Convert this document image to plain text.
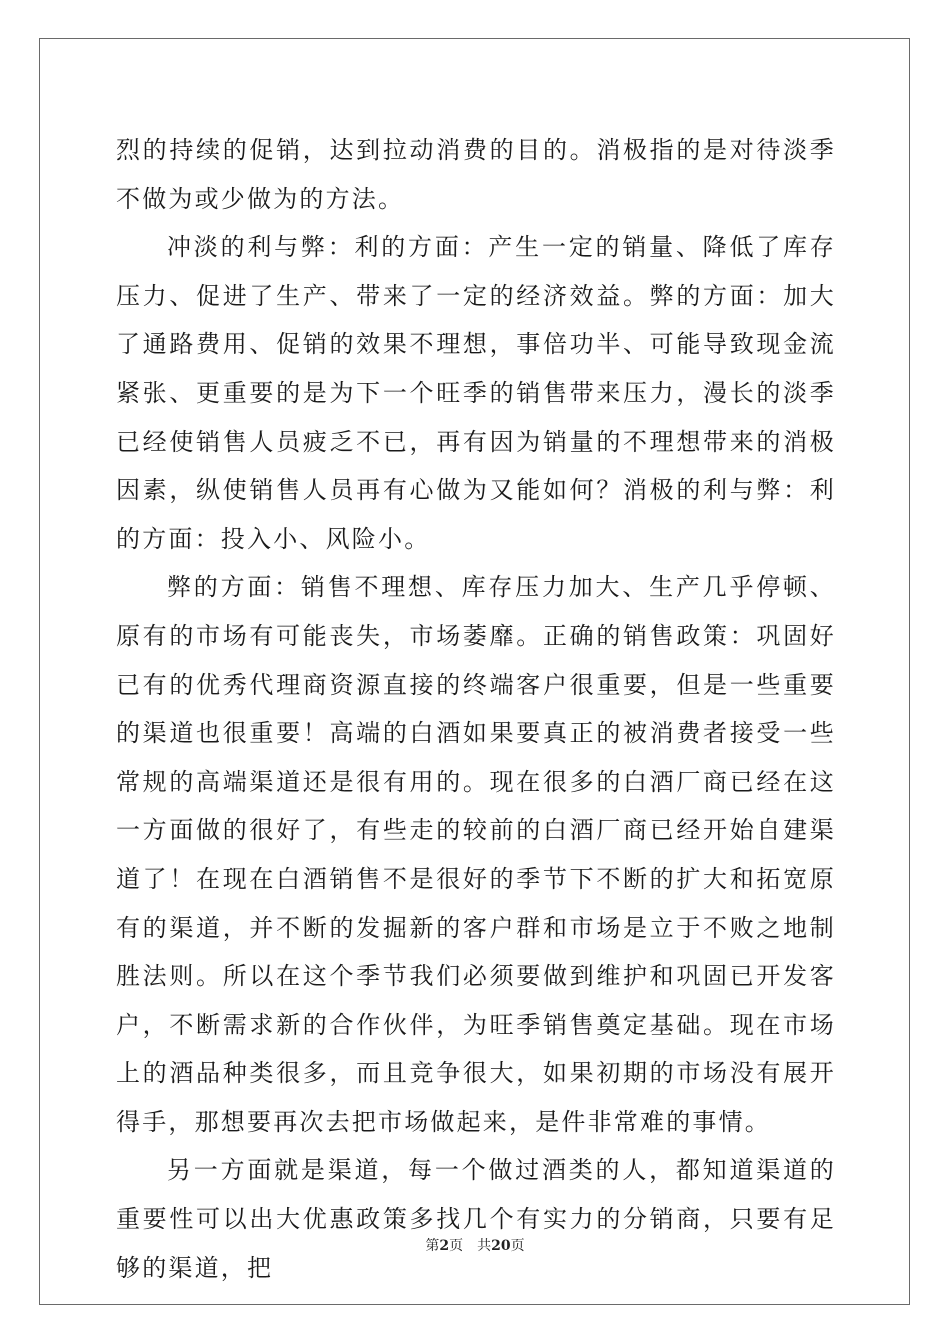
烈的持续的促销，达到拉动消费的目的。消极指的是对待淡季不做为或少做为的方法。

冲淡的利与弊：利的方面：产生一定的销量、降低了库存压力、促进了生产、带来了一定的经济效益。弊的方面：加大了通路费用、促销的效果不理想，事倍功半、可能导致现金流紧张、更重要的是为下一个旺季的销售带来压力，漫长的淡季已经使销售人员疲乏不已，再有因为销量的不理想带来的消极因素，纵使销售人员再有心做为又能如何？消极的利与弊：利的方面：投入小、风险小。

弊的方面：销售不理想、库存压力加大、生产几乎停顿、原有的市场有可能丧失，市场萎靡。正确的销售政策：巩固好已有的优秀代理商资源直接的终端客户很重要，但是一些重要的渠道也很重要！高端的白酒如果要真正的被消费者接受一些常规的高端渠道还是很有用的。现在很多的白酒厂商已经在这一方面做的很好了，有些走的较前的白酒厂商已经开始自建渠道了！在现在白酒销售不是很好的季节下不断的扩大和拓宽原有的渠道，并不断的发掘新的客户群和市场是立于不败之地制胜法则。所以在这个季节我们必须要做到维护和巩固已开发客户，不断需求新的合作伙伴，为旺季销售奠定基础。现在市场上的酒品种类很多，而且竞争很大，如果初期的市场没有展开得手，那想要再次去把市场做起来，是件非常难的事情。

另一方面就是渠道，每一个做过酒类的人，都知道渠道的重要性可以出大优惠政策多找几个有实力的分销商，只要有足够的渠道，把

第2页 共20页
